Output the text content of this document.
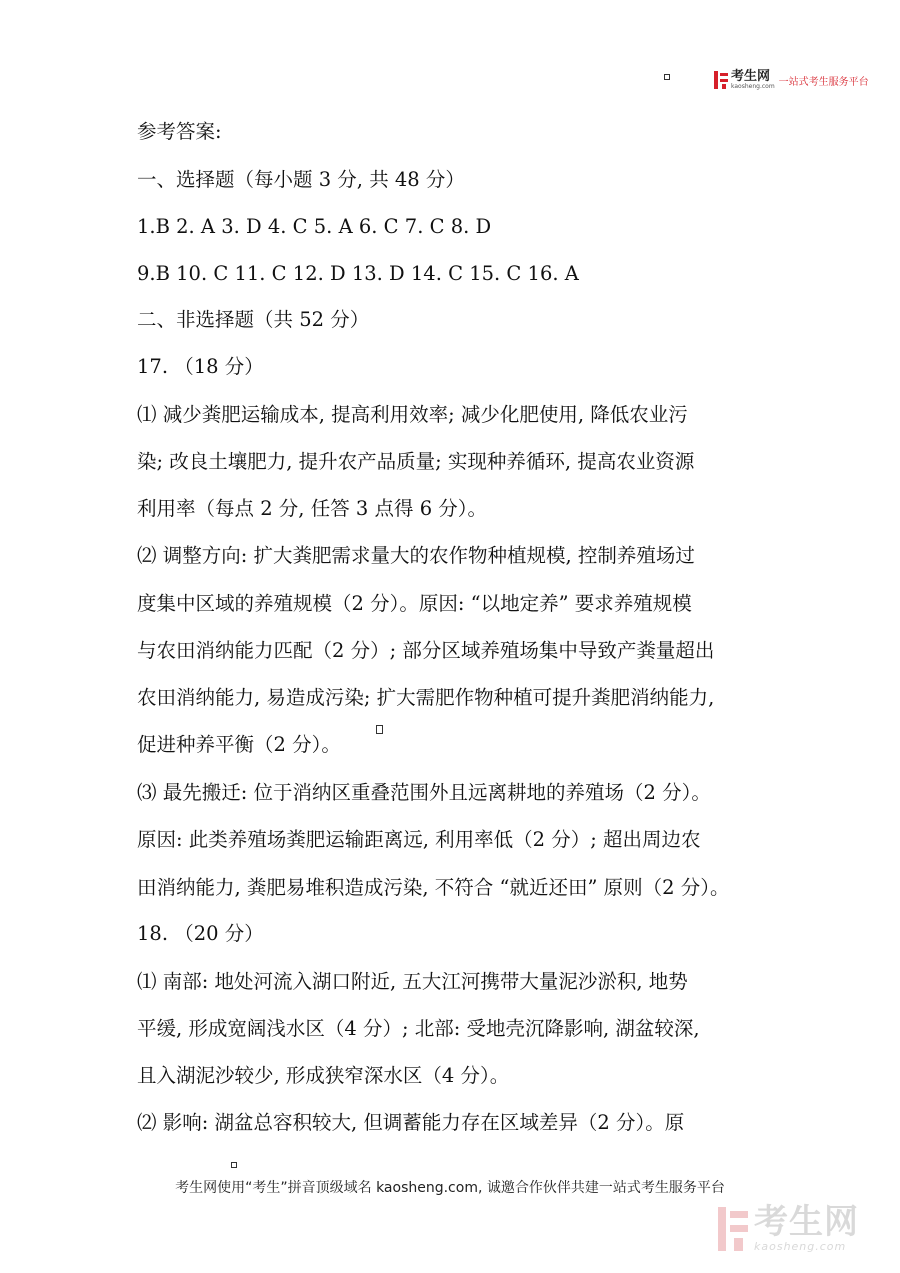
考生网
kaosheng.com 一站式考生服务平台
参考答案:
一、选择题（每小题 3 分, 共 48 分）
1.B 2. A 3. D 4. C 5. A 6. C 7. C 8. D
9.B 10. C 11. C 12. D 13. D 14. C 15. C 16. A
二、非选择题（共 52 分）
17. （18 分）
⑴ 减少粪肥运输成本, 提高利用效率; 减少化肥使用, 降低农业污
染; 改良土壤肥力, 提升农产品质量; 实现种养循环, 提高农业资源
利用率（每点 2 分, 任答 3 点得 6 分）。
⑵ 调整方向: 扩大粪肥需求量大的农作物种植规模, 控制养殖场过
度集中区域的养殖规模（2 分）。原因: “以地定养” 要求养殖规模
与农田消纳能力匹配（2 分）; 部分区域养殖场集中导致产粪量超出
农田消纳能力, 易造成污染; 扩大需肥作物种植可提升粪肥消纳能力,
促进种养平衡（2 分）。
⑶ 最先搬迁: 位于消纳区重叠范围外且远离耕地的养殖场（2 分）。
原因: 此类养殖场粪肥运输距离远, 利用率低（2 分）; 超出周边农
田消纳能力, 粪肥易堆积造成污染, 不符合 “就近还田” 原则（2 分）。
18. （20 分）
⑴ 南部: 地处河流入湖口附近, 五大江河携带大量泥沙淤积, 地势
平缓, 形成宽阔浅水区（4 分）; 北部: 受地壳沉降影响, 湖盆较深,
且入湖泥沙较少, 形成狭窄深水区（4 分）。
⑵ 影响: 湖盆总容积较大, 但调蓄能力存在区域差异（2 分）。原
考生网使用“考生”拼音顶级域名 kaosheng.com, 诚邀合作伙伴共建一站式考生服务平台
考生网
kaosheng.com
